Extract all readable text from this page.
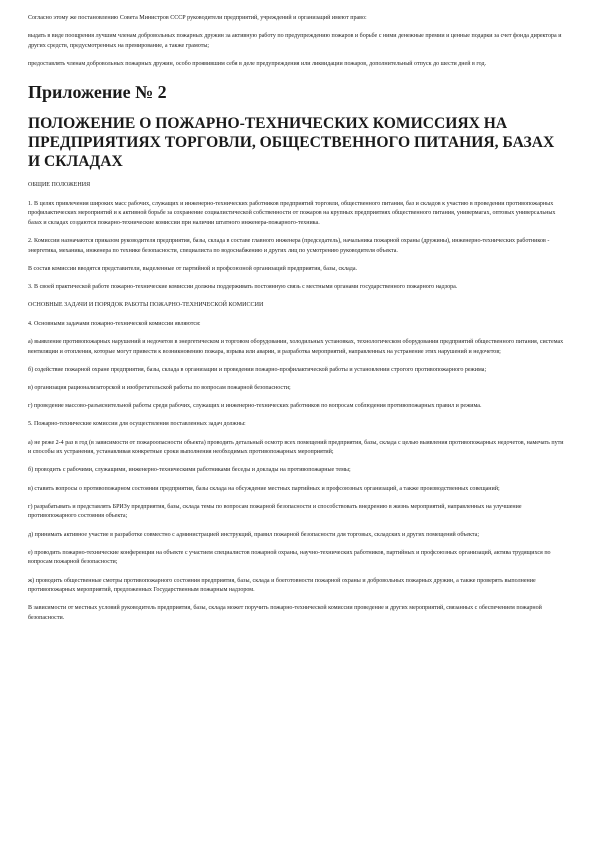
Согласно этому же постановлению Совета Министров СССР руководители предприятий, учреждений и организаций имеют право:

выдать в виде поощрения лучшим членам добровольных пожарных дружин за активную работу по предупреждению пожаров и борьбе с ними денежные премии и ценные подарки за счет фонда директора и других средств, предусмотренных на премирование, а также грамоты;

предоставлять членам добровольных пожарных дружин, особо проявившим себя в деле предупреждения или ликвидации пожаров, дополнительный отпуск до шести дней в год.

Приложение № 2
ПОЛОЖЕНИЕ О ПОЖАРНО-ТЕХНИЧЕСКИХ КОМИССИЯХ НА ПРЕДПРИЯТИЯХ ТОРГОВЛИ, ОБЩЕСТВЕННОГО ПИТАНИЯ, БАЗАХ И СКЛАДАХ
ОБЩИЕ ПОЛОЖЕНИЯ

1. В целях привлечения широких масс рабочих, служащих и инженерно-технических работников предприятий торговли, общественного питания, баз и складов к участию в проведении противопожарных профилактических мероприятий и к активной борьбе за сохранение социалистической собственности от пожаров на крупных предприятиях общественного питания, универмагах, оптовых универсальных базах и складах создаются пожарно-технические комиссии при наличии штатного инженера-пожарного-техника.

2. Комиссии назначаются приказом руководителя предприятия, базы, склада в составе главного инженера (председатель), начальника пожарной охраны (дружины), инженерно-технических работников - энергетика, механика, инженера по технике безопасности, специалиста по водоснабжению и других лиц по усмотрению руководителя объекта.

В состав комиссии вводятся представители, выделенные от партийной и профсоюзной организаций предприятия, базы, склада.

3. В своей практической работе пожарно-технические комиссии должны поддерживать постоянную связь с местными органами государственного пожарного надзора.

ОСНОВНЫЕ ЗАДАЧИ И ПОРЯДОК РАБОТЫ ПОЖАРНО-ТЕХНИЧЕСКОЙ КОМИССИИ

4. Основными задачами пожарно-технической комиссии являются:

а) выявление противопожарных нарушений и недочетов в энергетическом и торговом оборудовании, холодильных установках, технологическом оборудовании предприятий общественного питания, системах вентиляции и отопления, которые могут привести к возникновению пожара, взрыва или аварии, и разработка мероприятий, направленных на устранение этих нарушений и недочетов;

б) содействие пожарной охране предприятия, базы, склада в организации и проведении пожарно-профилактической работы и установлении строгого противопожарного режима;

в) организация рационализаторской и изобретательской работы по вопросам пожарной безопасности;

г) проведение массово-разъяснительной работы среди рабочих, служащих и инженерно-технических работников по вопросам соблюдения противопожарных правил и режима.

5. Пожарно-технические комиссии для осуществления поставленных задач должны:

а) не реже 2-4 раз в год (в зависимости от пожароопасности объекта) проводить детальный осмотр всех помещений предприятия, базы, склада с целью выявления противопожарных недочетов, намечать пути и способы их устранения, устанавливая конкретные сроки выполнения необходимых противопожарных мероприятий;

б) проводить с рабочими, служащими, инженерно-техническими работниками беседы и доклады на противопожарные темы;

в) ставить вопросы о противопожарном состоянии предприятия, базы склада на обсуждение местных партийных и профсоюзных организаций, а также производственных совещаний;

г) разрабатывать и представлять БРИЗу предприятия, базы, склада темы по вопросам пожарной безопасности и способствовать внедрению в жизнь мероприятий, направленных на улучшение противопожарного состояния объекта;

д) принимать активное участие в разработке совместно с администрацией инструкций, правил пожарной безопасности для торговых, складских и других помещений объекта;

е) проводить пожарно-технические конференции на объекте с участием специалистов пожарной охраны, научно-технических работников, партийных и профсоюзных организаций, актива трудящихся по вопросам пожарной безопасности;

ж) проводить общественные смотры противопожарного состояния предприятия, базы, склада и боеготовности пожарной охраны и добровольных пожарных дружин, а также проверять выполнение противопожарных мероприятий, предложенных Государственным пожарным надзором.

В зависимости от местных условий руководитель предприятия, базы, склада может поручить пожарно-технической комиссии проведение и других мероприятий, связанных с обеспечением пожарной безопасности.
